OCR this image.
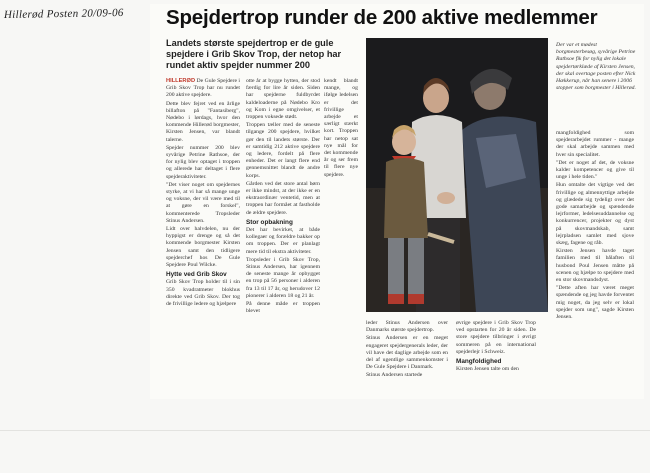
Hillerød Posten 20/09-06 Spejdertrop runder de 200 aktive medlemmer

Landets største spejdertrop er de gule spejdere i Grib Skov Trop, der netop har rundet aktiv spejder nummer 200

HILLERØD De Gule Spejdere i Grib Skov Trop har nu rundet 200 aktive spejdere.

Dette blev fejret ved en årlige billafton på "Fantasiberg", Nødebo i lørdags, hvor den kommende Hillerød borgmester, Kirsten Jensen, var blandt talerne.

Spejder nummer 200 blev syvårige Petrine Rathsoe, der for nylig blev optaget i troppen og allerede har deltaget i flere spejderaktiviteter.

"Det viser noget om spejdernes styrke, at vi har så mange unge og voksne, der vil være med til at gøre en forskel", kommenterede Tropsleder Stinus Andersen.

Lidt over halvdelen, nu der hyppigst er drenge og så det kommende borgmester Kirsten Jensen samt den tidligere spejderchef hos De Gule Spejdere Poul Wilcke.

Hytte ved Grib Skov

Grib Skov Trop holder til i sin 350 kvadratmeter blokhus direkte ved Grib Skov. Der tog de frivillige ledere og hjælpere

otte år at bygge hytten, der stod færdig for lire år siden. Siden har spejderne fuldbyrdet kaldeloaderne på Nødebo Kro og Kom i egne omgivelser, et troppen voksede stødt.

Troppen tæller med de seneste tilgange 200 spejdere, hvilket gør den til landets største. Der er samtidig 212 aktive spejdere og ledere, fordelt på flere enheder. Det er langt flere end gennemsnittet blandt de andre korps.

Gården ved det store antal børn er ikke mindst, at der ikke er en ekstraordinær ventetid, men at troppen har formået at fastholde de ældre spejdere.

Stor opbakning

Det har bevirket, at både kollegaer og forældre bakker op om troppen. Der er planlagt mere tid til ekstra aktiviteter.

Tropsleder i Grib Skov Trop, Stinus Andersen, har igennem de seneste mange år opbygget en trop på 56 personer i alderen fra 13 til 17 år, og herudover 12 pionerer i alderen 18 og 21 år.

På denne måde er troppen blevet

kendt blandt mange, og ifølge ledelsen er det frivillige arbejde et særligt stærkt kort. Troppen har netop sat nye mål for det kommende år og ser frem til flere nye spejdere.

Der var et mødest borgmesterbesøg, syvårige Petrine Rathsoe fik for nylig det lokale spejdertørklæde af Kirsten Jensen, der skal overtage posten efter Nick Hækkerup, når han senere i 2006 stopper som borgmester i Hillerød.

leder Stinus Andersen over Danmarks største spejdertrop.

Stinus Andersen er en meget engageret spejdergenerals leder, der vil have det daglige arbejde som en del af ugentlige sammenkomster i De Gule Spejdere i Danmark.

Stinus Andersen startede

øvrige spejdere i Grib Skov Trop ved opstarten for 20 år siden. De store spejdere tilbringer i øvrigt sommeren på en international spejderlejr i Schweiz.

Mangfoldighed

Kirsten Jensen talte om den

mangfoldighed som spejderarbejdet rummer - mange der skal arbejde sammen med hver sin specialitet.

"Det er noget af det, de voksne kalder kompetencer og give til unge i hele tiden."

Hun omtalte det vigtige ved det frivillige og almennyttige arbejde og glædede sig tydeligt over det gode samarbejde og spændende lejrformer, ledelsesuddannelse og konkurrencer, projekter og dyst på skovmandskab, samt lejrpladsen samlet med sjove skæg, fagene og råb.

Kirsten Jensen havde taget familien med til bålaften til husbond Poul Jensen måtte på scenen og hjælpe to spejdere med en stor skovmandsdyst.

"Dette aften har været meget spændende og jeg havde forventet mig noget, da jeg selv er lokal spejder som ung", sagde Kirsten Jensen.
